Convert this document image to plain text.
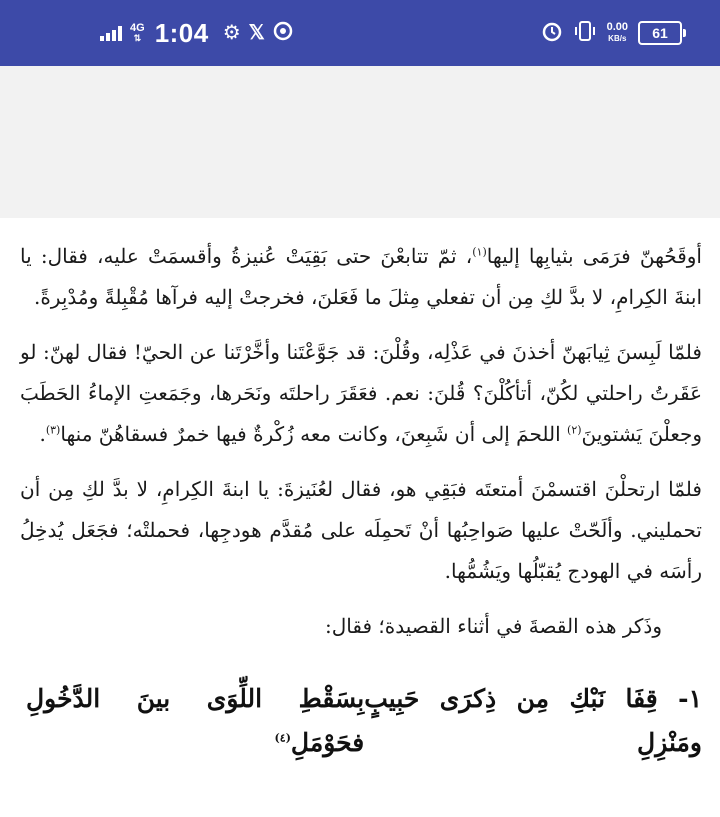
4G
⇅ 1:04 ⚙ 𝕏	0.00
KB/s	61

أوقَحُهنّ فرَمَى بثيابِها إليها$^{(١)}$، ثمّ تتابعْنَ حتى بَقِيَتْ عُنيزةُ وأقسمَتْ عليه، فقال: يا ابنةَ الكِرامِ، لا بدَّ لكِ مِن أن تفعلي مِثلَ ما فَعَلنَ، فخرجتْ إليه فرآها مُقْبِلةً ومُدْبِرةً.

فلمّا لَبِسنَ ثِيابَهنّ أخذنَ في عَذْلِه، وقُلْنَ: قد جَوَّعْتَنا وأخَّرْتَنا عن الحيّ! فقال لهنّ: لو عَقَرتُ راحلتي لكُنّ، أتأكُلْنَ؟ قُلنَ: نعم. فعَقَرَ راحلتَه ونَحَرها، وجَمَعتِ الإماءُ الحَطَبَ وجعلْنَ يَشتوينَ$^{(٢)}$ اللحمَ إلى أن شَبِعنَ، وكانت معه زُكْرةٌ فيها خمرٌ فسقاهُنّ منها$^{(٣)}$.

فلمّا ارتحلْنَ اقتسمْنَ أمتعتَه فبَقِي هو، فقال لعُنَيزةَ: يا ابنةَ الكِرامِ، لا بدَّ لكِ مِن أن تحمليني. وألَحّتْ عليها صَواحِبُها أنْ تَحمِلَه على مُقدَّم هودجِها، فحملتْه؛ فجَعَل يُدخِلُ رأسَه في الهودج يُقبّلُها ويَشُمُّها.

وذَكر هذه القصةَ في أثناء القصيدة؛ فقال:

١- قِفَا نَبْكِ مِن ذِكرَى حَبِيبٍ ومَنْزِلِ
بِسَقْطِ اللِّوَى بينَ الدَّخُولِ فحَوْمَلِ$^{(٤)}$
